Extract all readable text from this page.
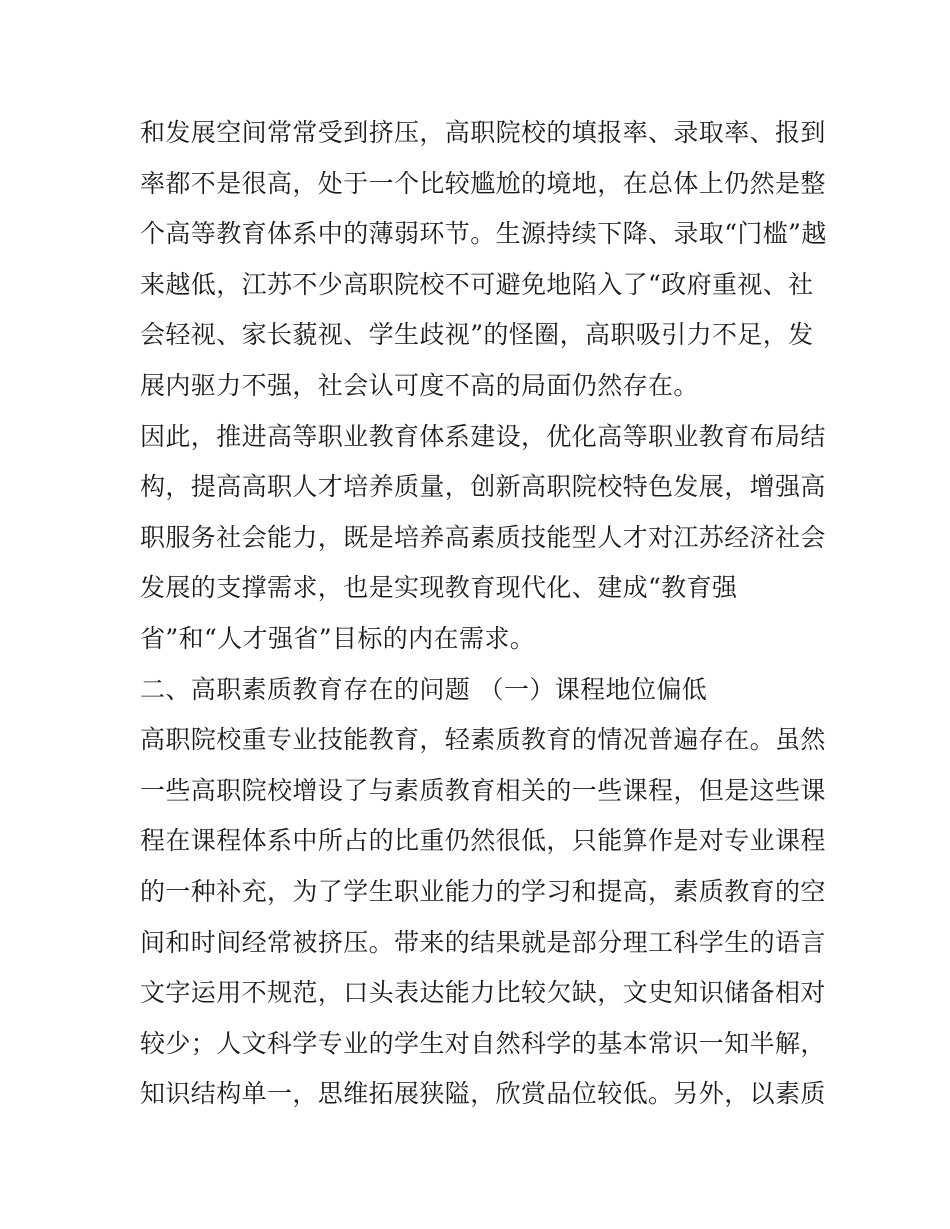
和发展空间常常受到挤压，高职院校的填报率、录取率、报到
率都不是很高，处于一个比较尴尬的境地，在总体上仍然是整
个高等教育体系中的薄弱环节。生源持续下降、录取“门槛”越
来越低，江苏不少高职院校不可避免地陷入了“政府重视、社
会轻视、家长藐视、学生歧视”的怪圈，高职吸引力不足，发
展内驱力不强，社会认可度不高的局面仍然存在。
因此，推进高等职业教育体系建设，优化高等职业教育布局结
构，提高高职人才培养质量，创新高职院校特色发展，增强高
职服务社会能力，既是培养高素质技能型人才对江苏经济社会
发展的支撑需求，也是实现教育现代化、建成“教育强
省”和“人才强省”目标的内在需求。
二、高职素质教育存在的问题 （一）课程地位偏低
高职院校重专业技能教育，轻素质教育的情况普遍存在。虽然
一些高职院校增设了与素质教育相关的一些课程，但是这些课
程在课程体系中所占的比重仍然很低，只能算作是对专业课程
的一种补充，为了学生职业能力的学习和提高，素质教育的空
间和时间经常被挤压。带来的结果就是部分理工科学生的语言
文字运用不规范，口头表达能力比较欠缺，文史知识储备相对
较少；人文科学专业的学生对自然科学的基本常识一知半解，
知识结构单一，思维拓展狭隘，欣赏品位较低。另外，以素质
